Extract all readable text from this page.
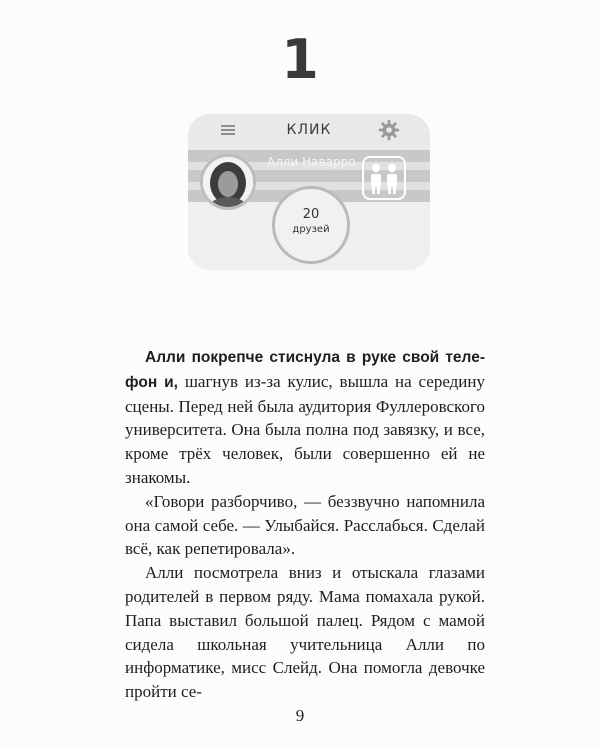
1
КЛИК
Алли Наварро
20
друзей

Алли покрепче стиснула в руке свой телефон и, шагнув из-за кулис, вышла на середину сцены. Перед ней была аудитория Фуллеровского университета. Она была полна под завязку, и все, кроме трёх человек, были совершенно ей не знакомы.

«Говори разборчиво, — беззвучно напомнила она самой себе. — Улыбайся. Расслабься. Сделай всё, как репетировала».

Алли посмотрела вниз и отыскала глазами родителей в первом ряду. Мама помахала рукой. Папа выставил большой палец. Рядом с мамой сидела школьная учительница Алли по информатике, мисс Слейд. Она помогла девочке пройти се-

9
